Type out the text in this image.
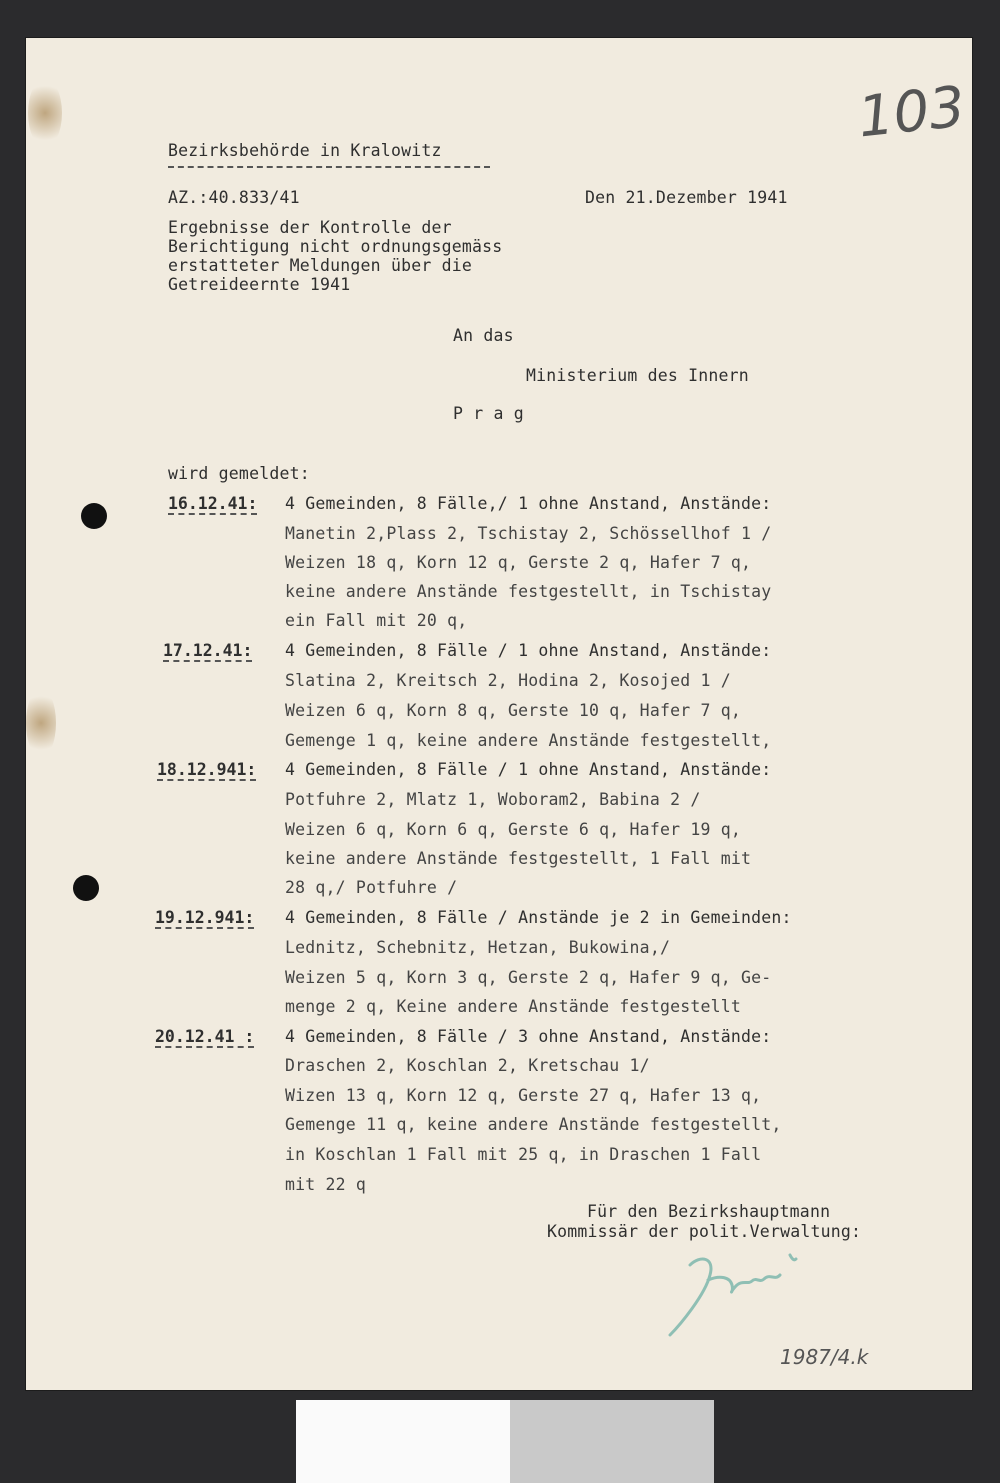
Bezirksbehörde in Kralowitz
AZ.:40.833/41	Den 21.Dezember 1941
Ergebnisse der Kontrolle der
Berichtigung nicht ordnungsgemäss
erstatteter Meldungen über die
Getreideernte 1941
An das
Ministerium des Innern
P r a g
wird gemeldet:
16.12.41: 4 Gemeinden, 8 Fälle,/ 1 ohne Anstand, Anstände:
Manetin 2,Plass 2, Tschistay 2, Schössellhof 1 /
Weizen 18 q, Korn 12 q, Gerste 2 q, Hafer 7 q,
keine andere Anstände festgestellt, in Tschistay
ein Fall mit 20 q,
17.12.41: 4 Gemeinden, 8 Fälle / 1 ohne Anstand, Anstände:
Slatina 2, Kreitsch 2, Hodina 2, Kosojed 1 /
Weizen 6 q, Korn 8 q, Gerste 10 q, Hafer 7 q,
Gemenge 1 q, keine andere Anstände festgestellt,
18.12.941: 4 Gemeinden, 8 Fälle / 1 ohne Anstand, Anstände:
Potfuhre 2, Mlatz 1, Woboram2, Babina 2 /
Weizen 6 q, Korn 6 q, Gerste 6 q, Hafer 19 q,
keine andere Anstände festgestellt, 1 Fall mit
28 q,/ Potfuhre /
19.12.941: 4 Gemeinden, 8 Fälle / Anstände je 2 in Gemeinden:
Lednitz, Schebnitz, Hetzan, Bukowina,/
Weizen 5 q, Korn 3 q, Gerste 2 q, Hafer 9 q, Ge-
menge 2 q, Keine andere Anstände festgestellt
20.12.41 : 4 Gemeinden, 8 Fälle / 3 ohne Anstand, Anstände:
Draschen 2, Koschlan 2, Kretschau 1/
Wizen 13 q, Korn 12 q, Gerste 27 q, Hafer 13 q,
Gemenge 11 q, keine andere Anstände festgestellt,
in Koschlan 1 Fall mit 25 q, in Draschen 1 Fall
mit 22 q
Für den Bezirkshauptmann
Kommissär der polit.Verwaltung:
103
1987/4.k
